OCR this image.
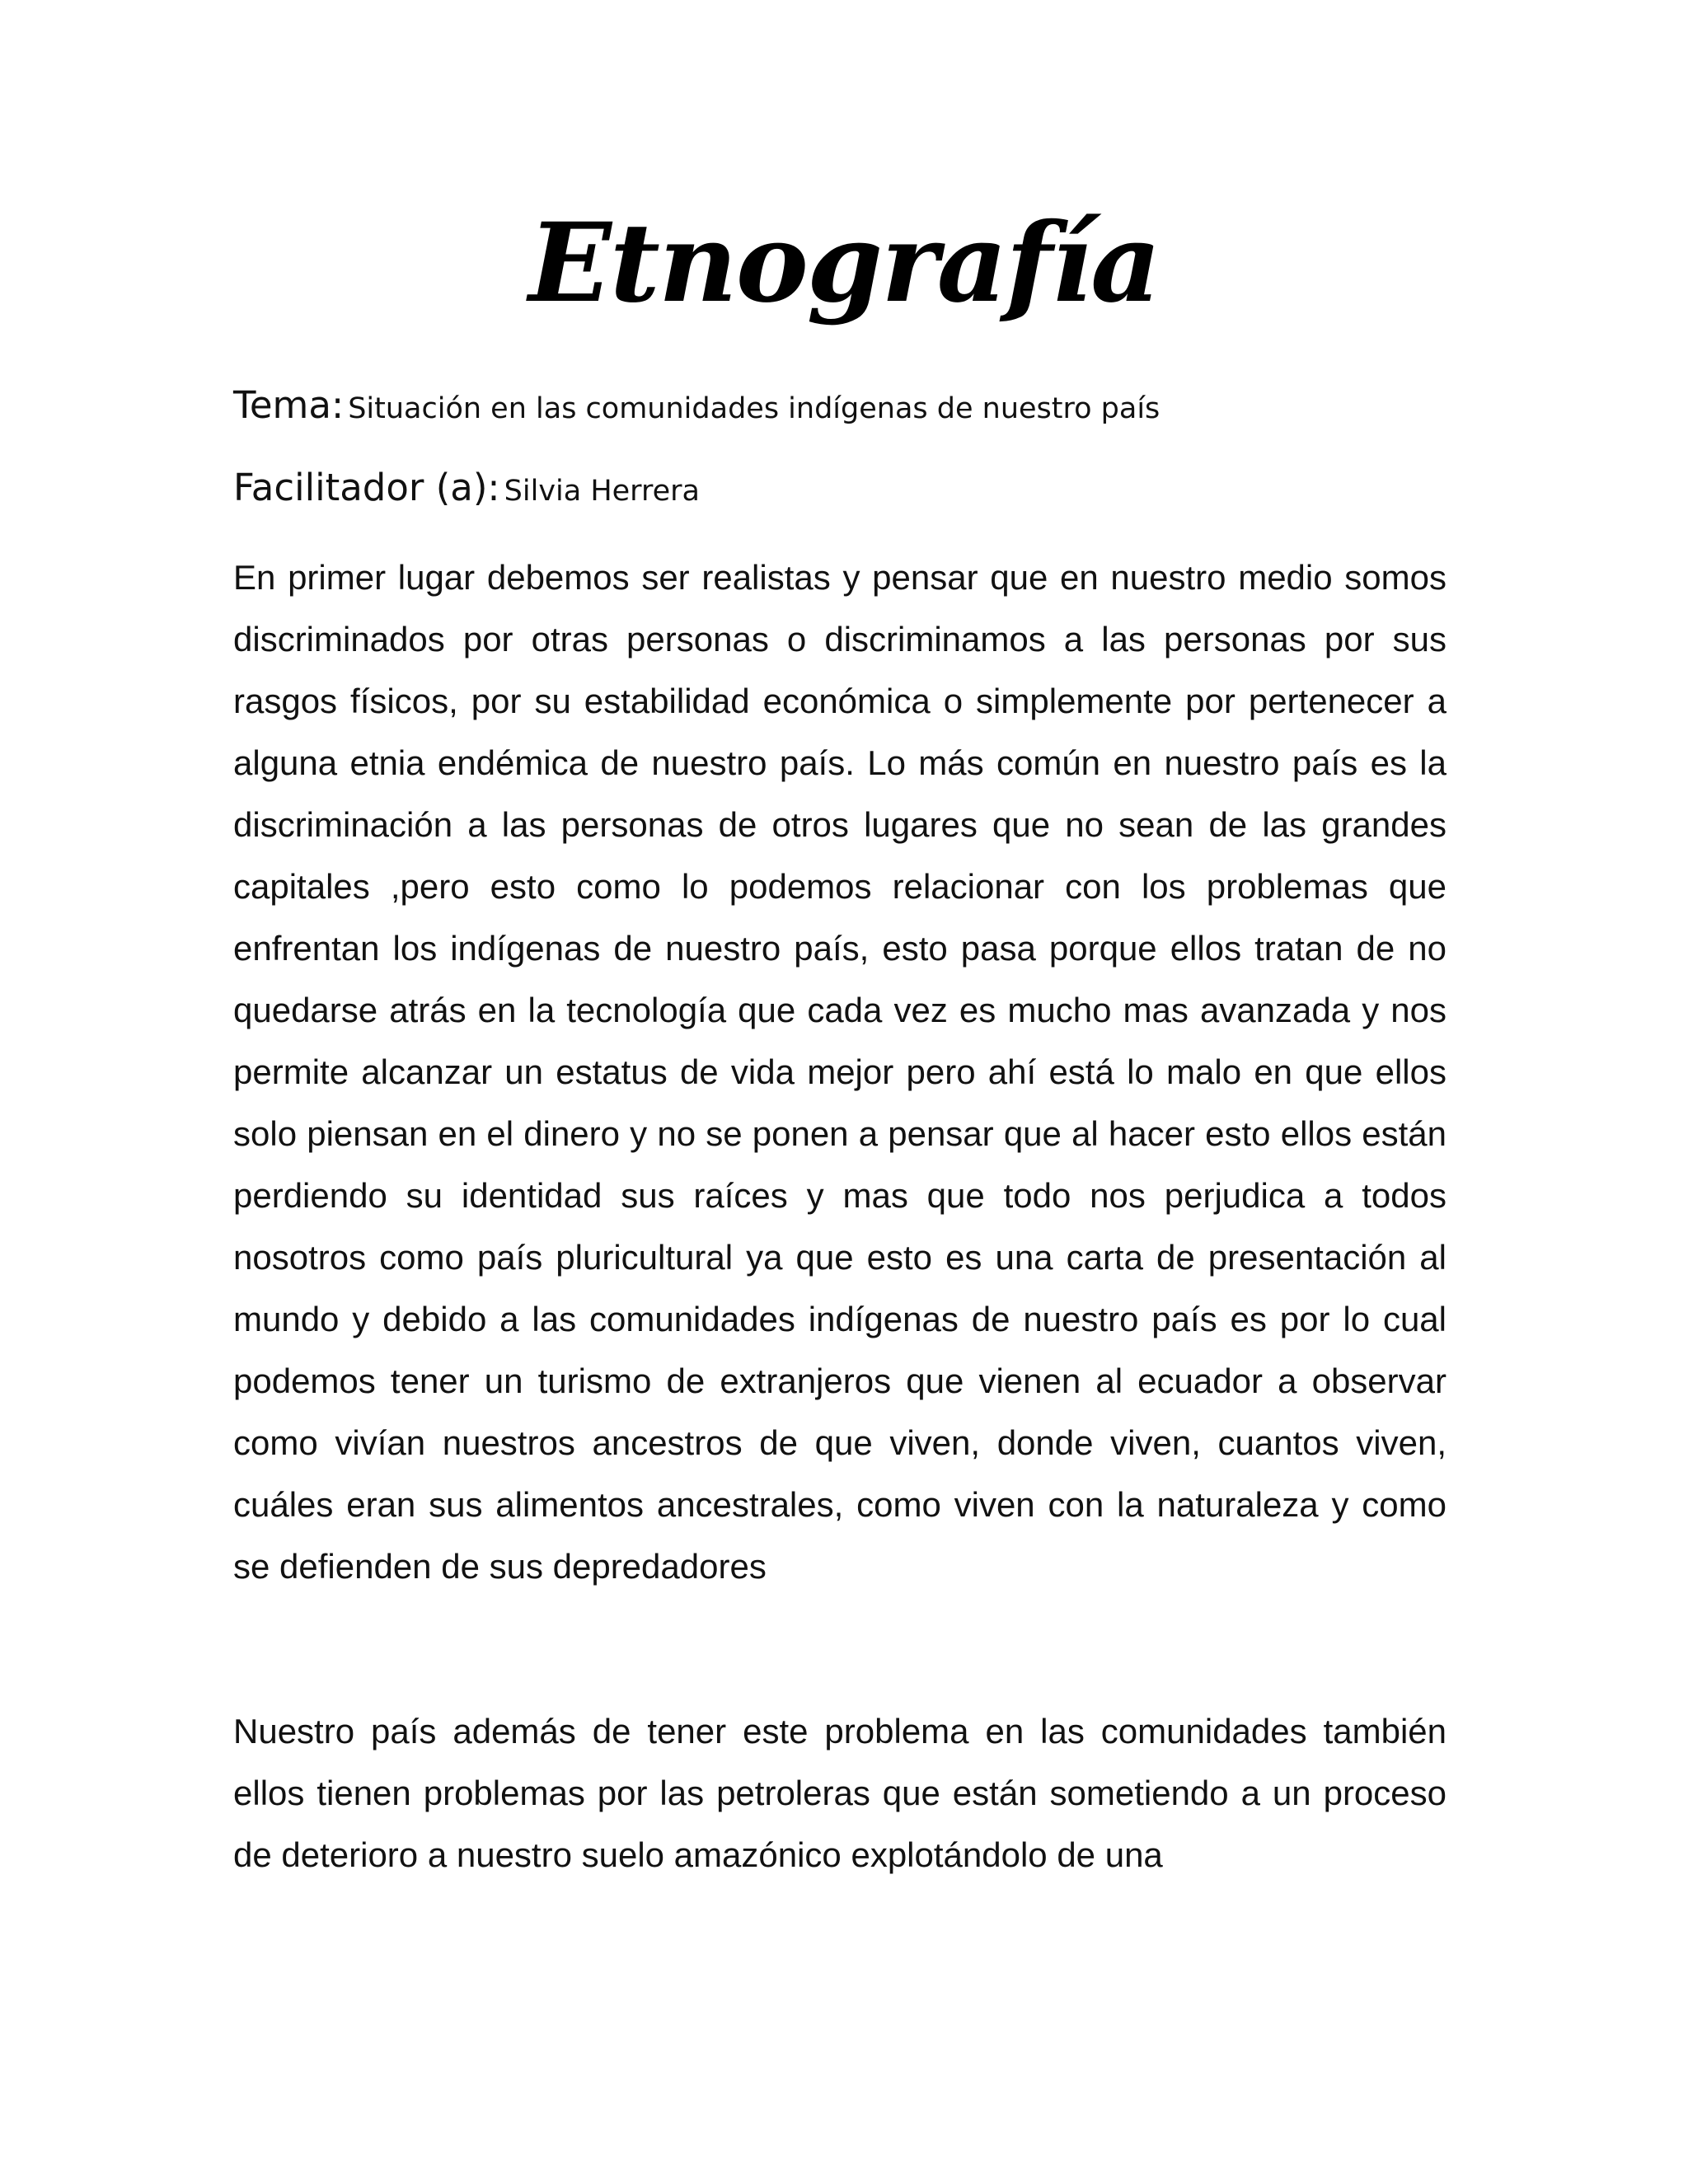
Etnografía
Tema: Situación en las comunidades indígenas de nuestro país
Facilitador (a): Silvia Herrera

En primer lugar debemos ser realistas y pensar que en nuestro medio somos discriminados por otras personas o discriminamos a las personas por sus rasgos físicos, por su estabilidad económica o simplemente por pertenecer a alguna etnia endémica de nuestro país. Lo más común en nuestro país es la discriminación a las personas de otros lugares que no sean de las grandes capitales ,pero esto como lo podemos relacionar con los problemas que enfrentan los indígenas de nuestro país, esto pasa porque ellos tratan de no quedarse atrás en la tecnología que cada vez es mucho mas avanzada y nos permite alcanzar un estatus de vida mejor pero ahí está lo malo en que ellos solo piensan en el dinero y no se ponen a pensar que al hacer esto ellos están perdiendo su identidad sus raíces y mas que todo nos perjudica a todos nosotros como país pluricultural ya que esto es una carta de presentación al mundo y debido a las comunidades indígenas de nuestro país es por lo cual podemos tener un turismo de extranjeros que vienen al ecuador a observar como vivían nuestros ancestros de que viven, donde viven, cuantos viven, cuáles eran sus alimentos ancestrales, como viven con la naturaleza y como se defienden de sus depredadores

Nuestro país además de tener este problema en las comunidades también ellos tienen problemas por las petroleras que están sometiendo a un proceso de deterioro a nuestro suelo amazónico explotándolo de una
